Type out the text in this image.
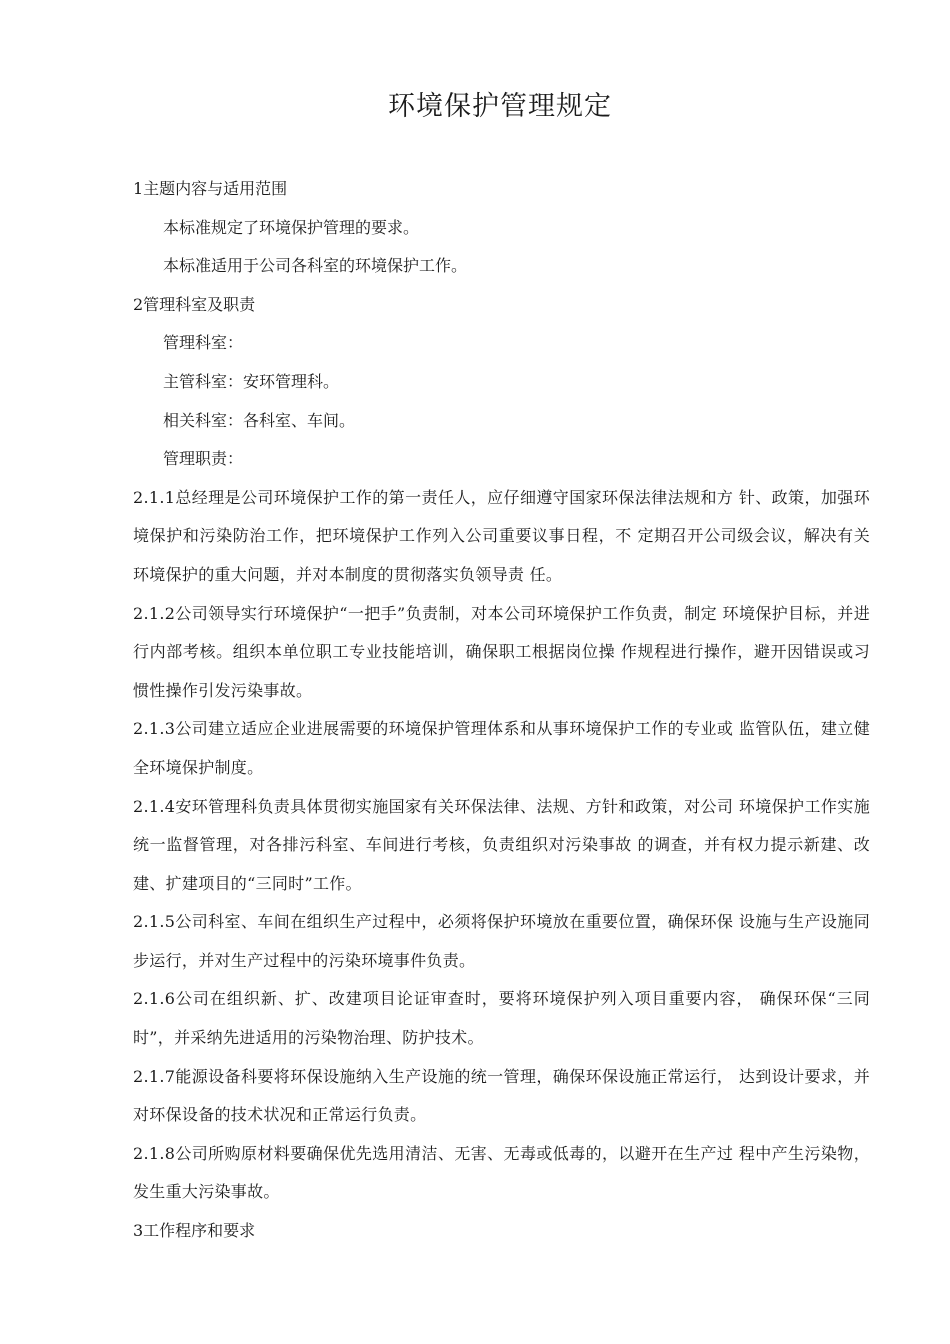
环境保护管理规定

1主题内容与适用范围

本标准规定了环境保护管理的要求。

本标准适用于公司各科室的环境保护工作。

2管理科室及职责

管理科室：

主管科室：安环管理科。

相关科室：各科室、车间。

管理职责：

2.1.1总经理是公司环境保护工作的第一责任人，应仔细遵守国家环保法律法规和方 针、政策，加强环境保护和污染防治工作，把环境保护工作列入公司重要议事日程，不 定期召开公司级会议，解决有关环境保护的重大问题，并对本制度的贯彻落实负领导责 任。

2.1.2公司领导实行环境保护“一把手”负责制，对本公司环境保护工作负责，制定 环境保护目标，并进行内部考核。组织本单位职工专业技能培训，确保职工根据岗位操 作规程进行操作，避开因错误或习惯性操作引发污染事故。

2.1.3公司建立适应企业进展需要的环境保护管理体系和从事环境保护工作的专业或 监管队伍，建立健全环境保护制度。

2.1.4安环管理科负责具体贯彻实施国家有关环保法律、法规、方针和政策，对公司 环境保护工作实施统一监督管理，对各排污科室、车间进行考核，负责组织对污染事故 的调查，并有权力提示新建、改建、扩建项目的“三同时”工作。

2.1.5公司科室、车间在组织生产过程中，必须将保护环境放在重要位置，确保环保 设施与生产设施同步运行，并对生产过程中的污染环境事件负责。

2.1.6公司在组织新、扩、改建项目论证审查时，要将环境保护列入项目重要内容， 确保环保“三同时”，并采纳先进适用的污染物治理、防护技术。

2.1.7能源设备科要将环保设施纳入生产设施的统一管理，确保环保设施正常运行， 达到设计要求，并对环保设备的技术状况和正常运行负责。

2.1.8公司所购原材料要确保优先选用清洁、无害、无毒或低毒的，以避开在生产过 程中产生污染物，发生重大污染事故。

3工作程序和要求
